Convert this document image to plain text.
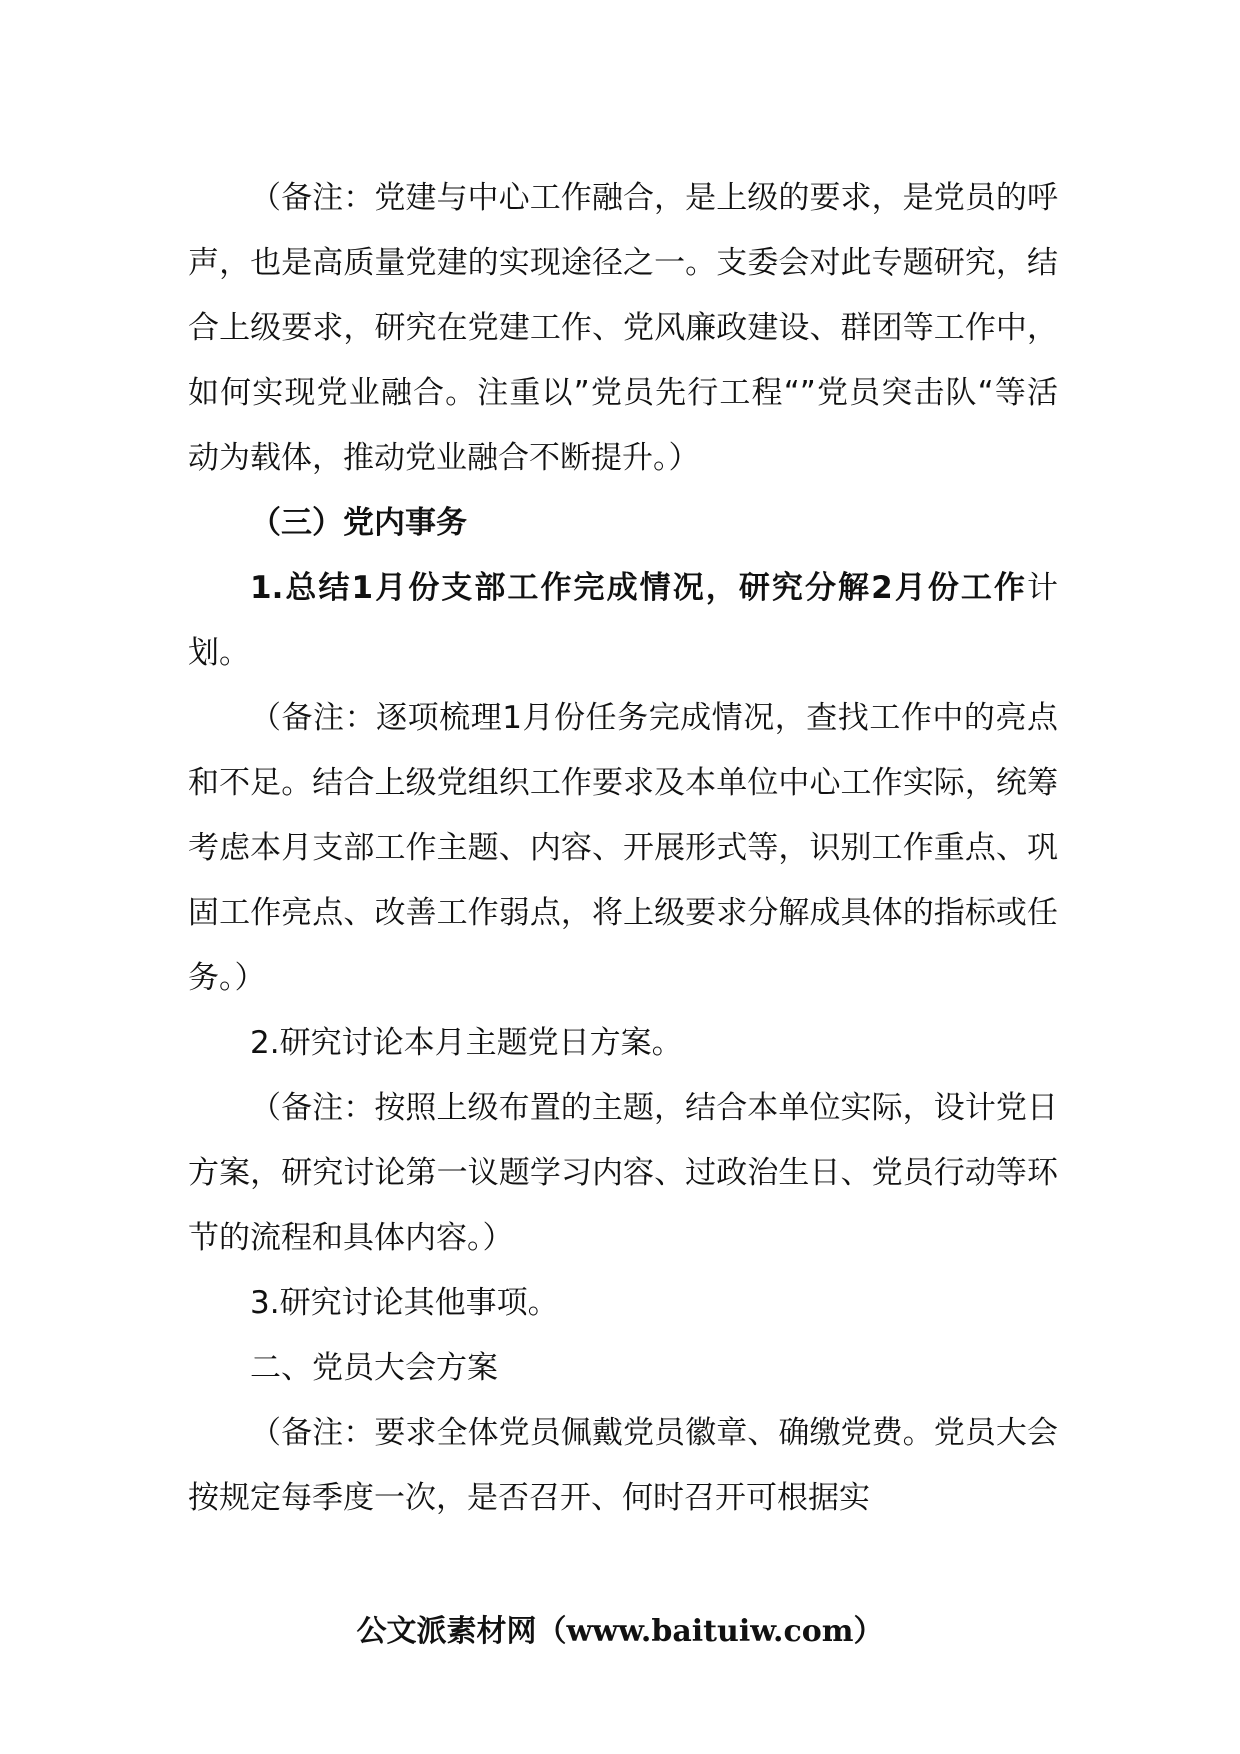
（备注：党建与中心工作融合，是上级的要求，是党员的呼声，也是高质量党建的实现途径之一。支委会对此专题研究，结合上级要求，研究在党建工作、党风廉政建设、群团等工作中，如何实现党业融合。注重以”党员先行工程“”党员突击队“等活动为载体，推动党业融合不断提升。）

（三）党内事务

1.总结1月份支部工作完成情况，研究分解2月份工作计划。

（备注：逐项梳理1月份任务完成情况，查找工作中的亮点和不足。结合上级党组织工作要求及本单位中心工作实际，统筹考虑本月支部工作主题、内容、开展形式等，识别工作重点、巩固工作亮点、改善工作弱点，将上级要求分解成具体的指标或任务。）

2.研究讨论本月主题党日方案。

（备注：按照上级布置的主题，结合本单位实际，设计党日方案，研究讨论第一议题学习内容、过政治生日、党员行动等环节的流程和具体内容。）

3.研究讨论其他事项。

二、党员大会方案

（备注：要求全体党员佩戴党员徽章、确缴党费。党员大会按规定每季度一次，是否召开、何时召开可根据实

公文派素材网（www.baituiw.com）
